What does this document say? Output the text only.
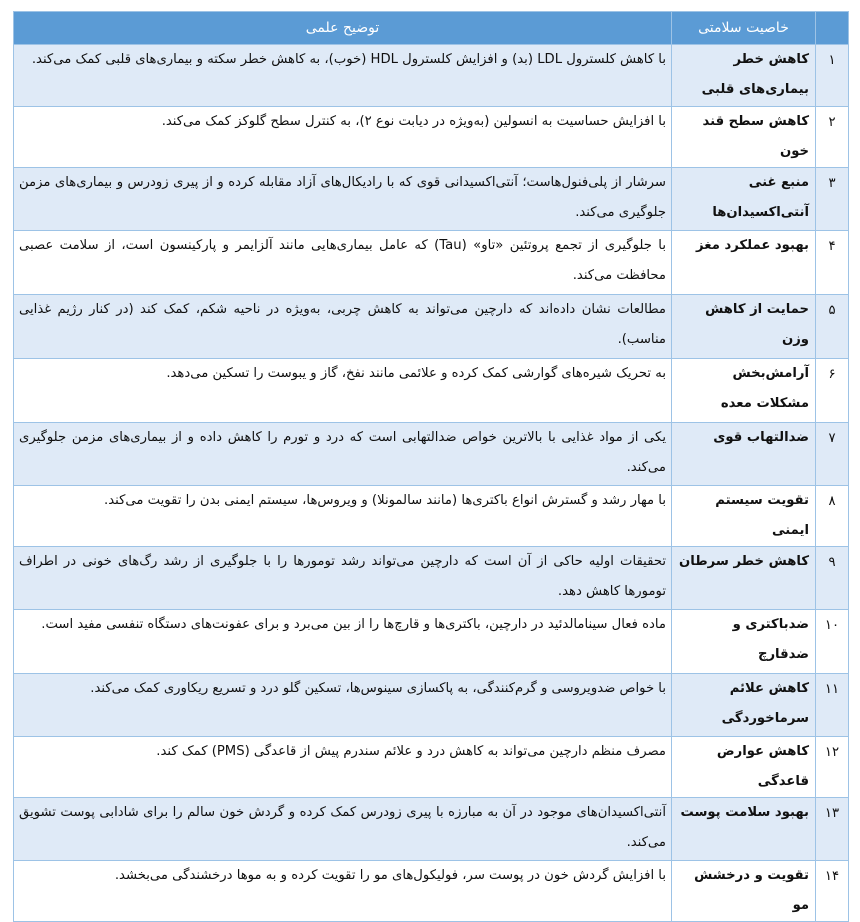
	خاصیت سلامتی	توضیح علمی
۱	کاهش خطر بیماری‌های قلبی	با کاهش کلسترول LDL (بد) و افزایش کلسترول HDL (خوب)، به کاهش خطر سکته و بیماری‌های قلبی کمک می‌کند.
۲	کاهش سطح قند خون	با افزایش حساسیت به انسولین (به‌ویژه در دیابت نوع ۲)، به کنترل سطح گلوکز کمک می‌کند.
۳	منبع غنی آنتی‌اکسیدان‌ها	سرشار از پلی‌فنول‌هاست؛ آنتی‌اکسیدانی قوی که با رادیکال‌های آزاد مقابله کرده و از پیری زودرس و بیماری‌های مزمن جلوگیری می‌کند.
۴	بهبود عملکرد مغز	با جلوگیری از تجمع پروتئین «تاو» (Tau) که عامل بیماری‌هایی مانند آلزایمر و پارکینسون است، از سلامت عصبی محافظت می‌کند.
۵	حمایت از کاهش وزن	مطالعات نشان داده‌اند که دارچین می‌تواند به کاهش چربی، به‌ویژه در ناحیه شکم، کمک کند (در کنار رژیم غذایی مناسب).
۶	آرامش‌بخش مشکلات معده	به تحریک شیره‌های گوارشی کمک کرده و علائمی مانند نفخ، گاز و یبوست را تسکین می‌دهد.
۷	ضدالتهاب قوی	یکی از مواد غذایی با بالاترین خواص ضدالتهابی است که درد و تورم را کاهش داده و از بیماری‌های مزمن جلوگیری می‌کند.
۸	تقویت سیستم ایمنی	با مهار رشد و گسترش انواع باکتری‌ها (مانند سالمونلا) و ویروس‌ها، سیستم ایمنی بدن را تقویت می‌کند.
۹	کاهش خطر سرطان	تحقیقات اولیه حاکی از آن است که دارچین می‌تواند رشد تومورها را با جلوگیری از رشد رگ‌های خونی در اطراف تومورها کاهش دهد.
۱۰	ضدباکتری و ضدقارچ	ماده فعال سینامالدئید در دارچین، باکتری‌ها و قارچ‌ها را از بین می‌برد و برای عفونت‌های دستگاه تنفسی مفید است.
۱۱	کاهش علائم سرماخوردگی	با خواص ضدویروسی و گرم‌کنندگی، به پاکسازی سینوس‌ها، تسکین گلو درد و تسریع ریکاوری کمک می‌کند.
۱۲	کاهش عوارض قاعدگی	مصرف منظم دارچین می‌تواند به کاهش درد و علائم سندرم پیش از قاعدگی (PMS) کمک کند.
۱۳	بهبود سلامت پوست	آنتی‌اکسیدان‌های موجود در آن به مبارزه با پیری زودرس کمک کرده و گردش خون سالم را برای شادابی پوست تشویق می‌کند.
۱۴	تقویت و درخشش مو	با افزایش گردش خون در پوست سر، فولیکول‌های مو را تقویت کرده و به موها درخشندگی می‌بخشد.
